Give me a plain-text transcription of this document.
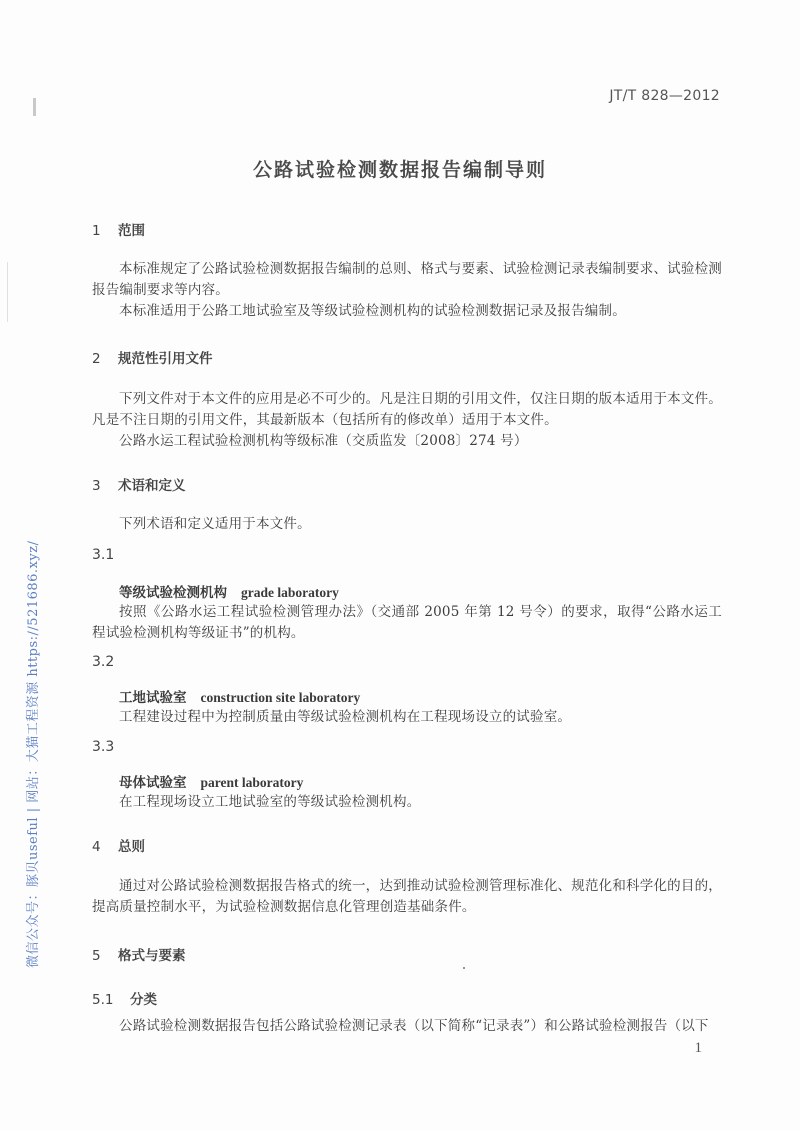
JT/T 828—2012
公路试验检测数据报告编制导则
1 范围
本标准规定了公路试验检测数据报告编制的总则、格式与要素、试验检测记录表编制要求、试验检测报告编制要求等内容。
本标准适用于公路工地试验室及等级试验检测机构的试验检测数据记录及报告编制。
2 规范性引用文件
下列文件对于本文件的应用是必不可少的。凡是注日期的引用文件，仅注日期的版本适用于本文件。凡是不注日期的引用文件，其最新版本（包括所有的修改单）适用于本文件。
公路水运工程试验检测机构等级标准（交质监发〔2008〕274 号）
3 术语和定义
下列术语和定义适用于本文件。
3.1
等级试验检测机构 grade laboratory
按照《公路水运工程试验检测管理办法》（交通部 2005 年第 12 号令）的要求，取得“公路水运工程试验检测机构等级证书”的机构。
3.2
工地试验室 construction site laboratory
工程建设过程中为控制质量由等级试验检测机构在工程现场设立的试验室。
3.3
母体试验室 parent laboratory
在工程现场设立工地试验室的等级试验检测机构。
4 总则
通过对公路试验检测数据报告格式的统一，达到推动试验检测管理标准化、规范化和科学化的目的，提高质量控制水平，为试验检测数据信息化管理创造基础条件。
5 格式与要素
5.1 分类
公路试验检测数据报告包括公路试验检测记录表（以下简称“记录表”）和公路试验检测报告（以下
1
微信公众号：豚贝useful | 网站：大猫工程资源 https://521686.xyz/
